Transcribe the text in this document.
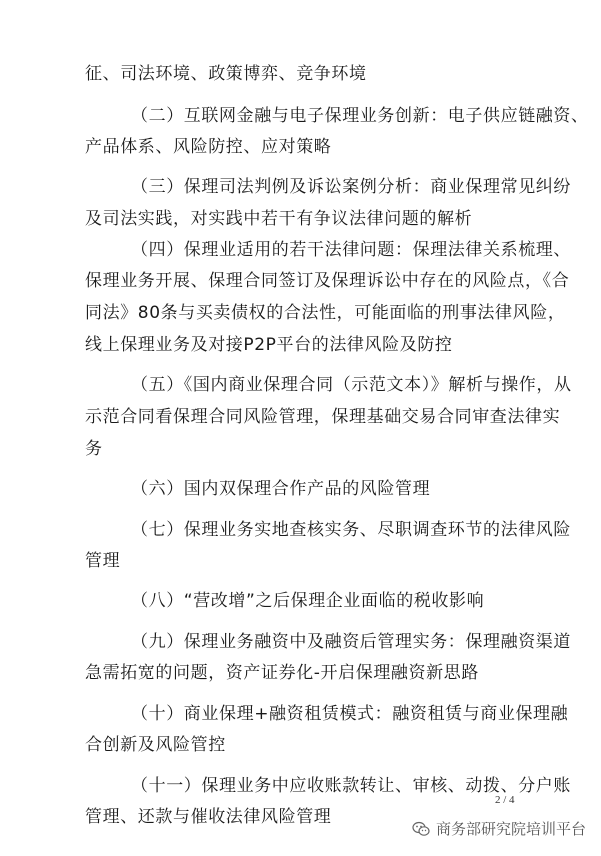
征、司法环境、政策博弈、竞争环境
（二）互联网金融与电子保理业务创新：电子供应链融资、
产品体系、风险防控、应对策略
（三）保理司法判例及诉讼案例分析：商业保理常见纠纷
及司法实践，对实践中若干有争议法律问题的解析
（四）保理业适用的若干法律问题：保理法律关系梳理、
保理业务开展、保理合同签订及保理诉讼中存在的风险点，《合
同法》80条与买卖债权的合法性，可能面临的刑事法律风险，
线上保理业务及对接P2P平台的法律风险及防控
（五）《国内商业保理合同（示范文本）》解析与操作，从
示范合同看保理合同风险管理，保理基础交易合同审查法律实
务
（六）国内双保理合作产品的风险管理
（七）保理业务实地查核实务、尽职调查环节的法律风险
管理
（八）“营改增”之后保理企业面临的税收影响
（九）保理业务融资中及融资后管理实务：保理融资渠道
急需拓宽的问题，资产证券化-开启保理融资新思路
（十）商业保理+融资租赁模式：融资租赁与商业保理融
合创新及风险管控
（十一）保理业务中应收账款转让、审核、动拨、分户账
管理、还款与催收法律风险管理
2 / 4
商务部研究院培训平台
